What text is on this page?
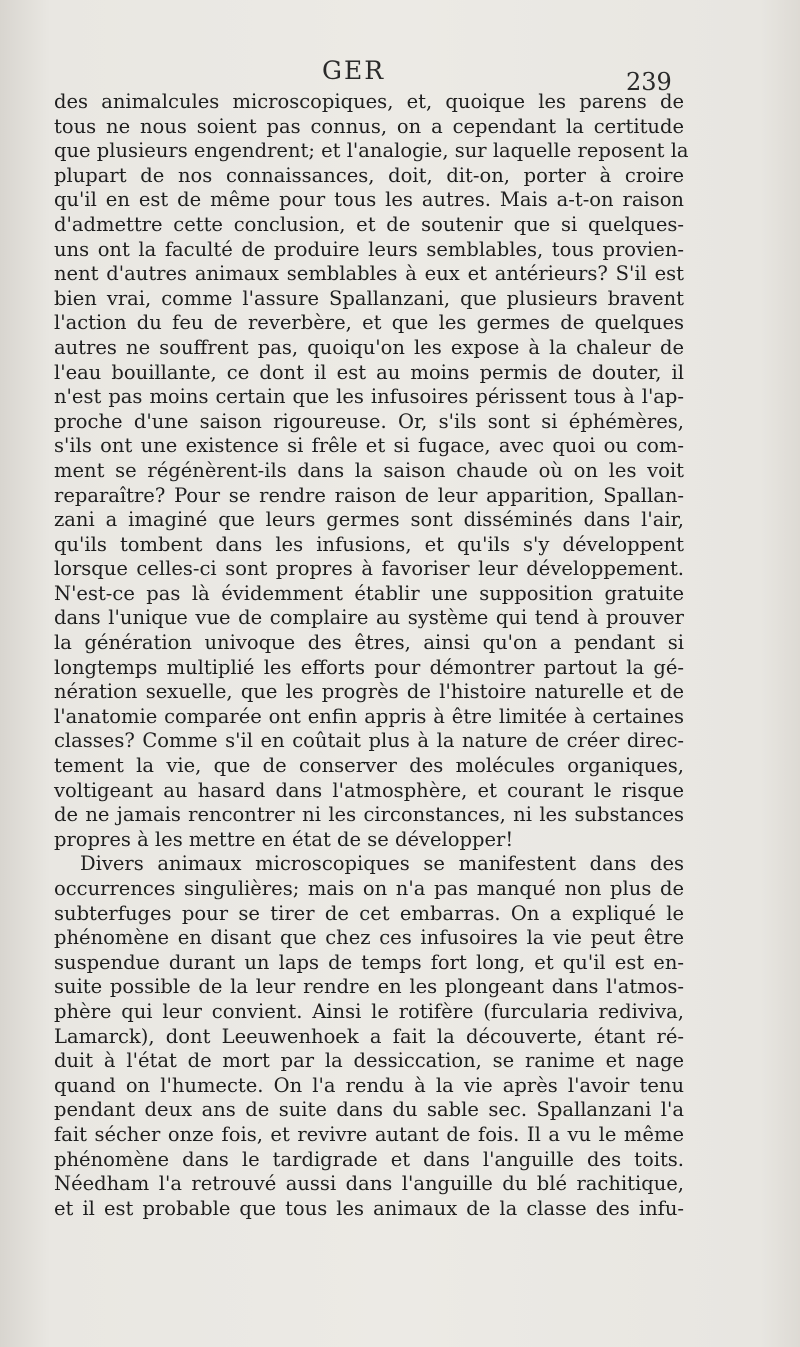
GER	239
des animalcules microscopiques, et, quoique les parens de
tous ne nous soient pas connus, on a cependant la certitude
que plusieurs engendrent; et l'analogie, sur laquelle reposent la
plupart de nos connaissances, doit, dit-on, porter à croire
qu'il en est de même pour tous les autres. Mais a-t-on raison
d'admettre cette conclusion, et de soutenir que si quelques-
uns ont la faculté de produire leurs semblables, tous provien-
nent d'autres animaux semblables à eux et antérieurs? S'il est
bien vrai, comme l'assure Spallanzani, que plusieurs bravent
l'action du feu de reverbère, et que les germes de quelques
autres ne souffrent pas, quoiqu'on les expose à la chaleur de
l'eau bouillante, ce dont il est au moins permis de douter, il
n'est pas moins certain que les infusoires périssent tous à l'ap-
proche d'une saison rigoureuse. Or, s'ils sont si éphémères,
s'ils ont une existence si frêle et si fugace, avec quoi ou com-
ment se régénèrent-ils dans la saison chaude où on les voit
reparaître? Pour se rendre raison de leur apparition, Spallan-
zani a imaginé que leurs germes sont disséminés dans l'air,
qu'ils tombent dans les infusions, et qu'ils s'y développent
lorsque celles-ci sont propres à favoriser leur développement.
N'est-ce pas là évidemment établir une supposition gratuite
dans l'unique vue de complaire au système qui tend à prouver
la génération univoque des êtres, ainsi qu'on a pendant si
longtemps multiplié les efforts pour démontrer partout la gé-
nération sexuelle, que les progrès de l'histoire naturelle et de
l'anatomie comparée ont enfin appris à être limitée à certaines
classes? Comme s'il en coûtait plus à la nature de créer direc-
tement la vie, que de conserver des molécules organiques,
voltigeant au hasard dans l'atmosphère, et courant le risque
de ne jamais rencontrer ni les circonstances, ni les substances
propres à les mettre en état de se développer!
Divers animaux microscopiques se manifestent dans des
occurrences singulières; mais on n'a pas manqué non plus de
subterfuges pour se tirer de cet embarras. On a expliqué le
phénomène en disant que chez ces infusoires la vie peut être
suspendue durant un laps de temps fort long, et qu'il est en-
suite possible de la leur rendre en les plongeant dans l'atmos-
phère qui leur convient. Ainsi le rotifère (furcularia redivivа,
Lamarck), dont Leeuwenhoek a fait la découverte, étant ré-
duit à l'état de mort par la dessiccation, se ranime et nage
quand on l'humecte. On l'a rendu à la vie après l'avoir tenu
pendant deux ans de suite dans du sable sec. Spallanzani l'a
fait sécher onze fois, et revivre autant de fois. Il a vu le même
phénomène dans le tardigrade et dans l'anguille des toits.
Néedham l'a retrouvé aussi dans l'anguille du blé rachitique,
et il est probable que tous les animaux de la classe des infu-
